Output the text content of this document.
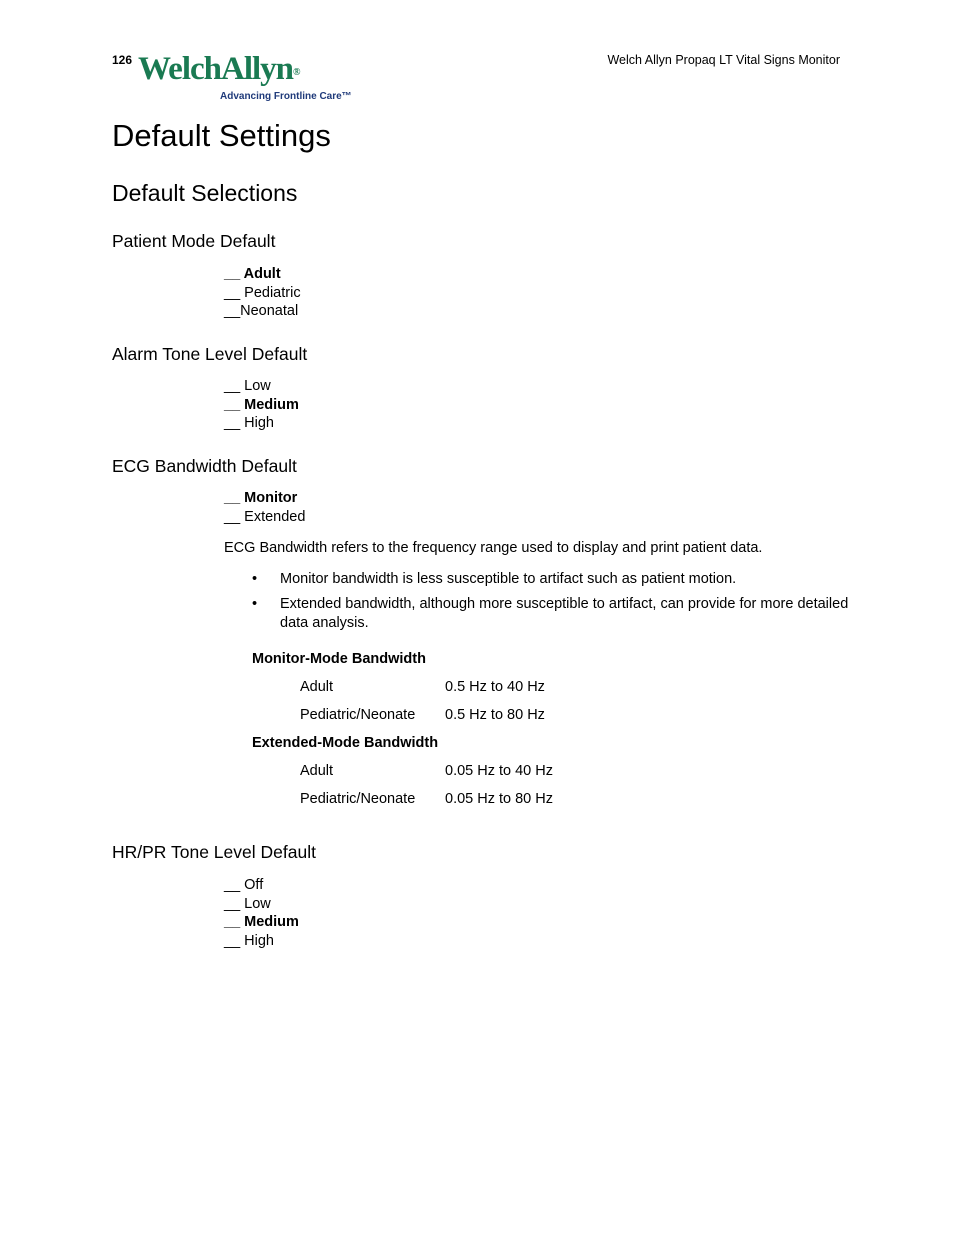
126 WelchAllyn®
Advancing Frontline Care™
Welch Allyn Propaq LT Vital Signs Monitor
Default Settings
Default Selections
Patient Mode Default
__ Adult
__ Pediatric
__Neonatal
Alarm Tone Level Default
__ Low
__ Medium
__ High
ECG Bandwidth Default
__ Monitor
__ Extended
ECG Bandwidth refers to the frequency range used to display and print patient data.
• Monitor bandwidth is less susceptible to artifact such as patient motion.
• Extended bandwidth, although more susceptible to artifact, can provide for more detailed data analysis.
Monitor-Mode Bandwidth
Adult	0.5 Hz to 40 Hz
Pediatric/Neonate 0.5 Hz to 80 Hz
Extended-Mode Bandwidth
Adult	0.05 Hz to 40 Hz
Pediatric/Neonate 0.05 Hz to 80 Hz
HR/PR Tone Level Default
__ Off
__ Low
__ Medium
__ High
